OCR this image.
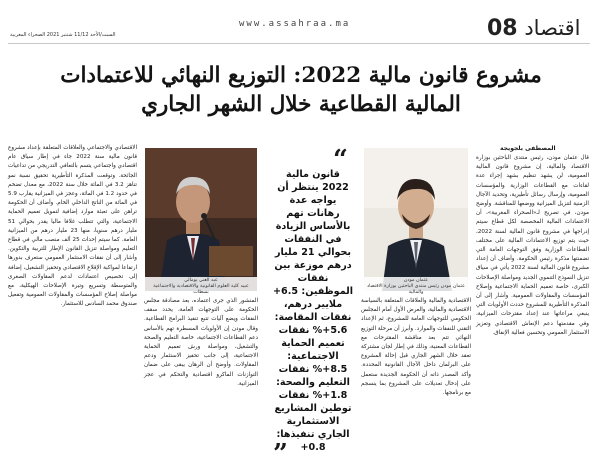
السبت/الأحد 11/12 شتنبر 2021 الصحراء المغربية
www.assahraa.ma	اقتصاد 08
مشروع قانون مالية 2022: التوزيع النهائي للاعتمادات المالية القطاعية خلال الشهر الجاري
المصطفى بلجويجة

قال عثمان مودن، رئيس منتدى الباحثين بوزارة الاقتصاد والمالية، إن مشروع قانون المالية العمومية، لن يشهد تنظيم بشهد إجراء عدة لقاءات مع القطاعات الوزارية والمؤسسات العمومية، وإرسال رسائل تأطيرية، وتحديد الآجال الزمنية لتنزيل الميزانية ووضعها للمناقشة. وأوضح مودن، في تصريح لـ«الصحراء المغربية»، أن الاعتمادات المالية المخصصة لكل قطاع سيتم إدراجها في مشروع قانون المالية لسنة 2022، حيث يتم توزيع الاعتمادات المالية على مختلف القطاعات الوزارية وفق التوجهات العامة التي تضمنتها مذكرة رئيس الحكومة. وأضاف أن إعداد مشروع قانون المالية لسنة 2022 يأتي في سياق تنزيل النموذج التنموي الجديد ومواصلة الإصلاحات الكبرى، خاصة تعميم الحماية الاجتماعية وإصلاح المؤسسات والمقاولات العمومية. وأشار إلى أن المذكرة التأطيرية للمشروع حددت الأولويات التي ينبغي مراعاتها عند إعداد مقترحات الميزانية، وفي مقدمتها دعم الإنعاش الاقتصادي وتعزيز الاستثمار العمومي وتحسين فعالية الإنفاق.

عثمان مودن
عثمان مودن رئيس منتدى الباحثين بوزارة الاقتصاد والمالية

الاقتصادية والمالية والعلاقات المتعلقة بالسياسة الاقتصادية والمالية، والعرض الأول أمام المجلس الحكومي للتوجهات العامة للمشروع، ثم الإعداد التقني للنفقات والموارد. وأبرز أن مرحلة التوزيع النهائي تتم بعد مناقشة المقترحات مع القطاعات المعنية، وذلك في إطار لجان مشتركة تعقد خلال الشهر الجاري قبل إحالة المشروع على البرلمان داخل الآجال القانونية المحددة. وأكد المصدر ذاته أن الحكومة الجديدة ستعمل على إدخال تعديلات على المشروع بما ينسجم مع برنامجها.

“
قانون مالية 2022 ينتظر أن يواجه عدة رهانات تهم بالأساس الزيادة في النفقات بحوالي 21 مليار درهم موزعة بين نفقات الموظفين: 6.5+ ملايير درهم، نفقات المقاصة: 5.6+% نفقات تعميم الحماية الاجتماعية: 8.5+% نفقات التعليم والصحة: 1.8+% نفقات توطين المشاريع الاستثمارية الجاري تنفيذها: 0.8+
”
عبد الغني يومالي
عبيد كلية العلوم القانونية والاقتصادية والاجتماعية بسطات

المنشور الذي جرى اعتماده، بعد مصادقة مجلس الحكومة على التوجهات العامة، يحدد سقف النفقات ويضع آليات تتبع تنفيذ البرامج القطاعية. وقال مودن إن الأولويات المسطرة تهم بالأساس دعم القطاعات الاجتماعية، خاصة التعليم والصحة والتشغيل، ومواصلة ورش تعميم الحماية الاجتماعية، إلى جانب تحفيز الاستثمار ودعم المقاولات. وأوضح أن الرهان يبقى على ضمان التوازنات الماكرو اقتصادية والتحكم في عجز الميزانية.

الاقتصادي والاجتماعي والعلاقات المتعلقة بإعداد مشروع قانون مالية سنة 2022 جاء في إطار سياق عام اقتصادي واجتماعي يتسم بالتعافي التدريجي من تداعيات الجائحة. وتوقعت المذكرة التأطيرية تحقيق نسبة نمو تناهز 3.2 في المائة خلال سنة 2022، مع معدل تضخم في حدود 1.2 في المائة، وعجز في الميزانية يقارب 5.9 في المائة من الناتج الداخلي الخام. وأضاف أن الحكومة تراهن على تعبئة موارد إضافية لتمويل تعميم الحماية الاجتماعية، والتي تتطلب غلافا ماليا يقدر بحوالي 51 مليار درهم سنويا، منها 23 مليار درهم من الميزانية العامة. كما سيتم إحداث 25 ألف منصب مالي في قطاع التعليم ومواصلة تنزيل القانون الإطار للتربية والتكوين. وأشار إلى أن نفقات الاستثمار العمومي ستعرف بدورها ارتفاعا لمواكبة الإقلاع الاقتصادي وتحفيز التشغيل، إضافة إلى تخصيص اعتمادات لدعم المقاولات الصغرى والمتوسطة وتسريع وتيرة الإصلاحات الهيكلية، مع مواصلة إصلاح المؤسسات والمقاولات العمومية وتفعيل صندوق محمد السادس للاستثمار.
